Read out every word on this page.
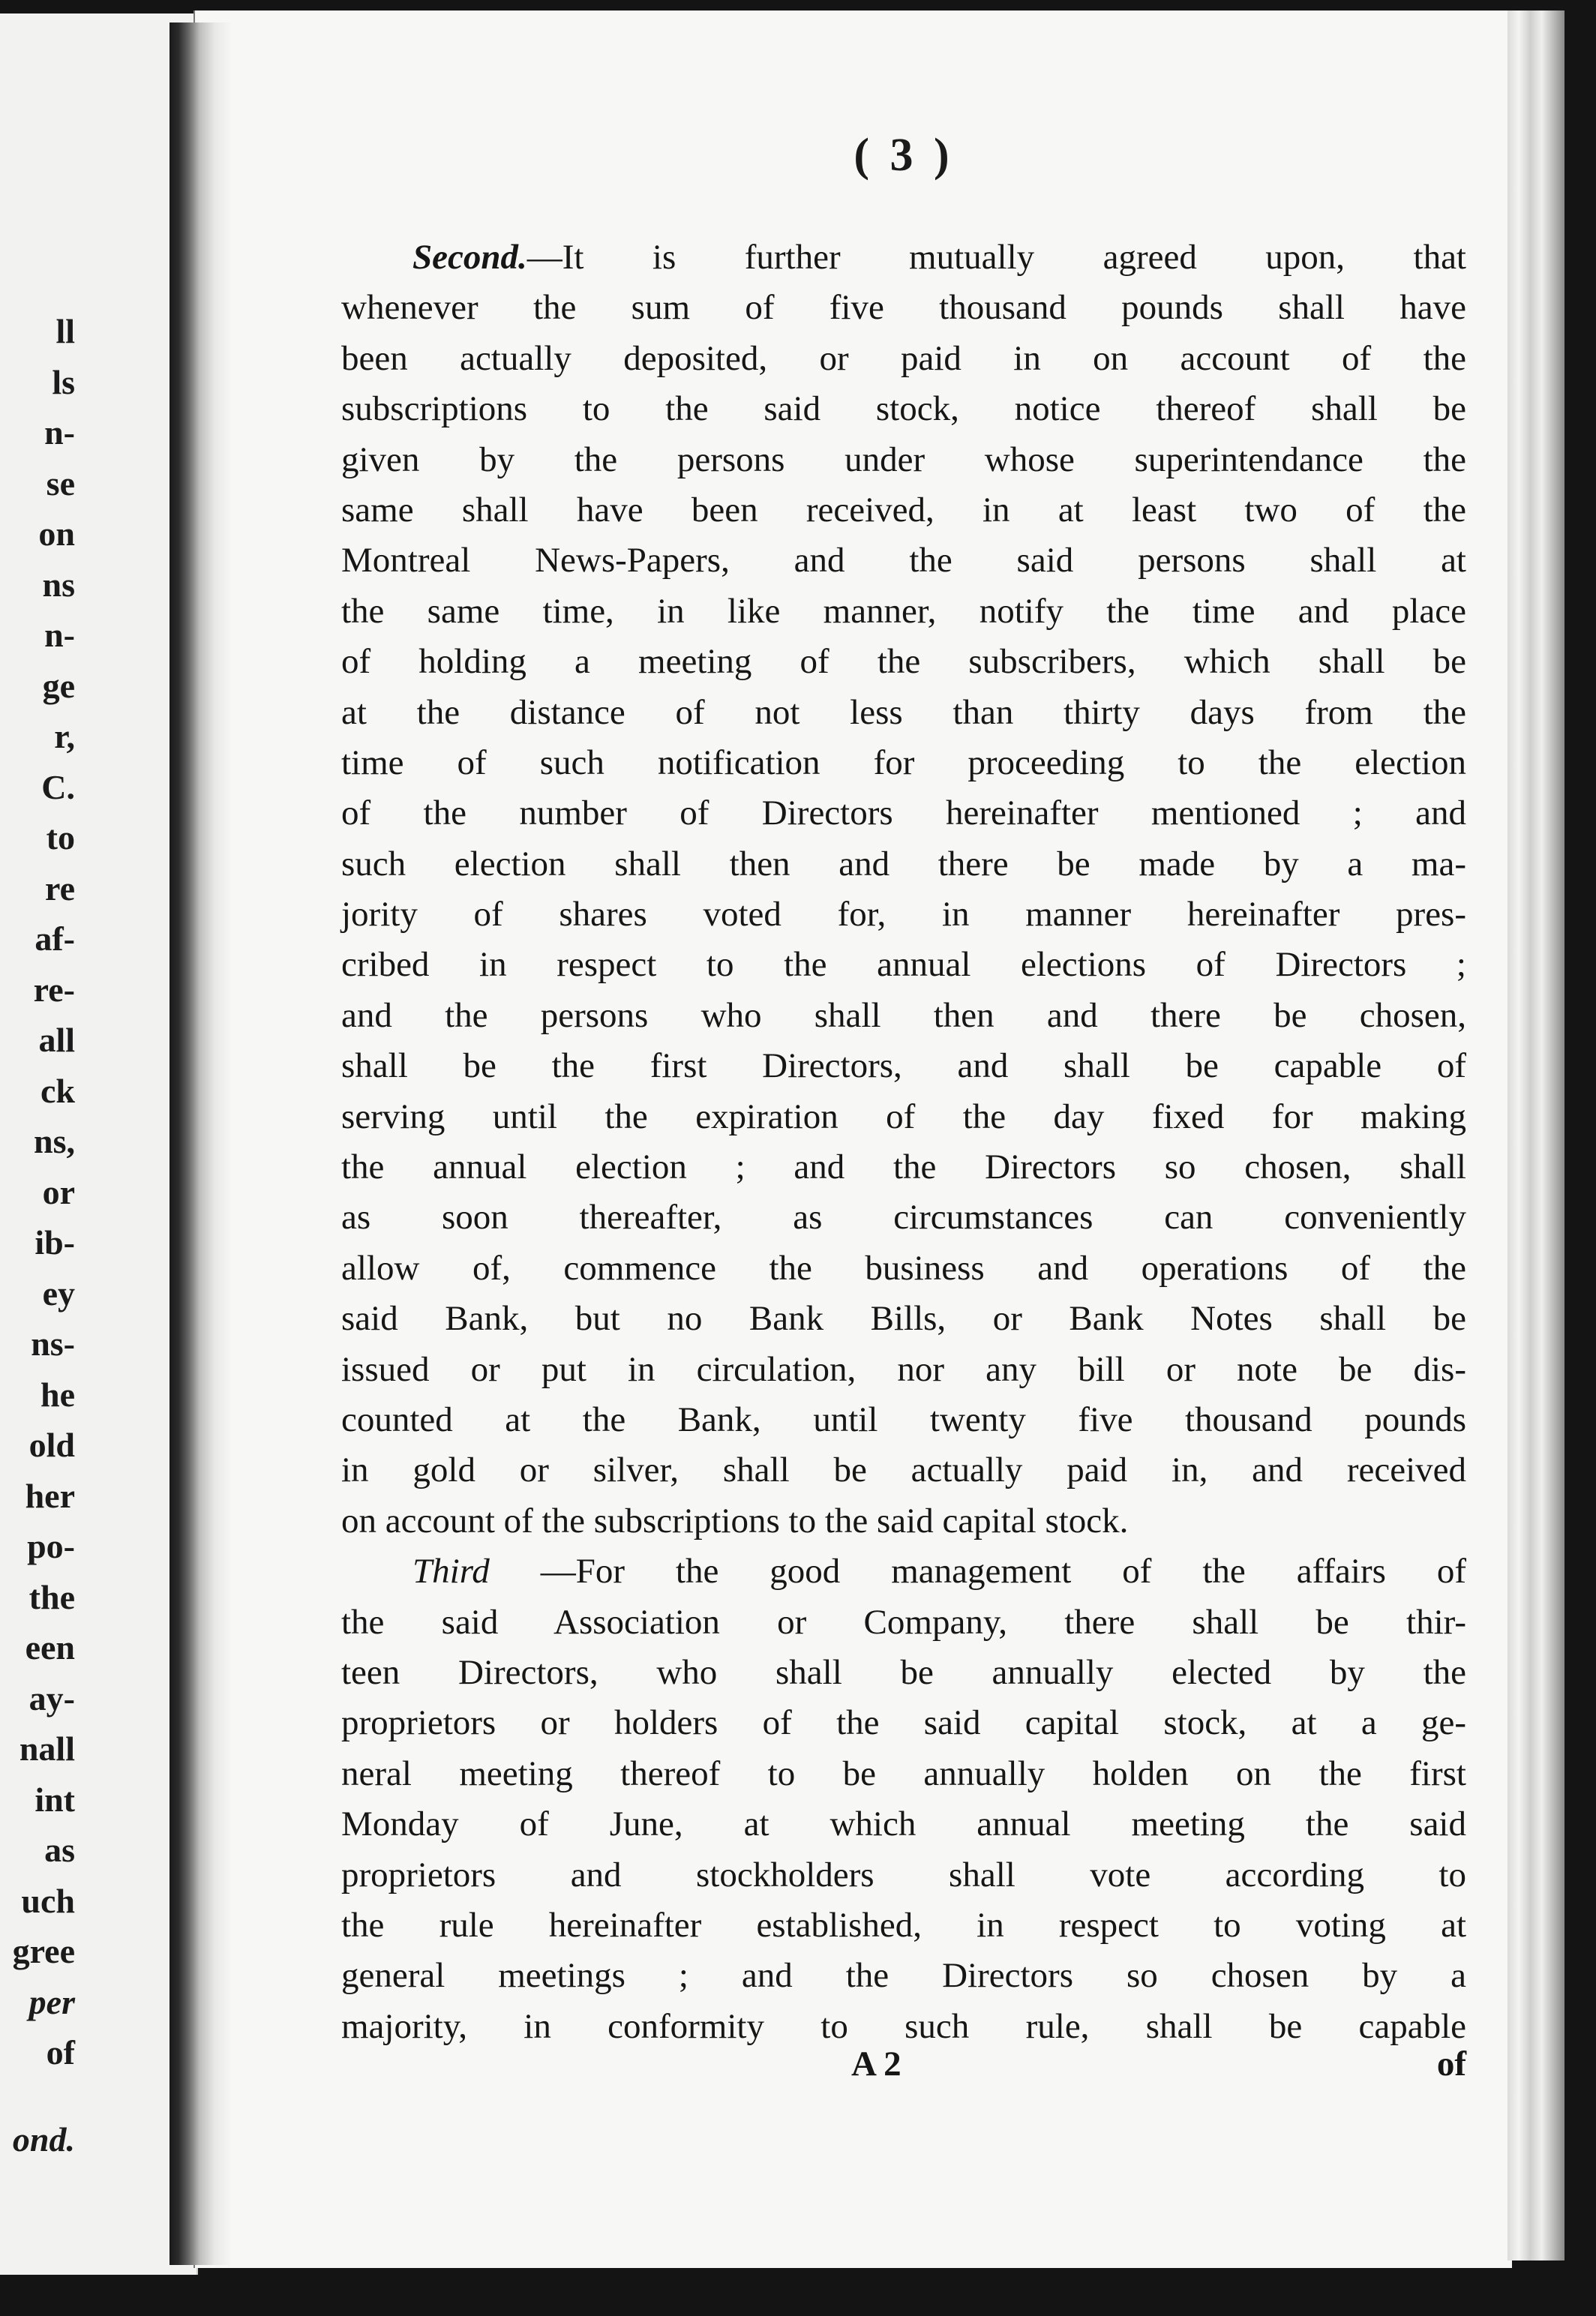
ll
ls
n-
se
on
ns
n-
ge
r,
C.
to
re
af-
re-
all
ck
ns,
or
ib-
ey
ns-
he
old
her
po-
the
een
ay-
nall
int
as
uch
gree
per
of
ond.
( 3 )
Second.—It is further mutually agreed upon, that
whenever the sum of five thousand pounds shall have
been actually deposited, or paid in on account of the
subscriptions to the said stock, notice thereof shall be
given by the persons under whose superintendance the
same shall have been received, in at least two of the
Montreal News-Papers, and the said persons shall at
the same time, in like manner, notify the time and place
of holding a meeting of the subscribers, which shall be
at the distance of not less than thirty days from the
time of such notification for proceeding to the election
of the number of Directors hereinafter mentioned ; and
such election shall then and there be made by a ma-
jority of shares voted for, in manner hereinafter pres-
cribed in respect to the annual elections of Directors ;
and the persons who shall then and there be chosen,
shall be the first Directors, and shall be capable of
serving until the expiration of the day fixed for making
the annual election ; and the Directors so chosen, shall
as soon thereafter, as circumstances can conveniently
allow of, commence the business and operations of the
said Bank, but no Bank Bills, or Bank Notes shall be
issued or put in circulation, nor any bill or note be dis-
counted at the Bank, until twenty five thousand pounds
in gold or silver, shall be actually paid in, and received
on account of the subscriptions to the said capital stock.
Third —For the good management of the affairs of
the said Association or Company, there shall be thir-
teen Directors, who shall be annually elected by the
proprietors or holders of the said capital stock, at a ge-
neral meeting thereof to be annually holden on the first
Monday of June, at which annual meeting the said
proprietors and stockholders shall vote according to
the rule hereinafter established, in respect to voting at
general meetings ; and the Directors so chosen by a
majority, in conformity to such rule, shall be capable
A 2	of
